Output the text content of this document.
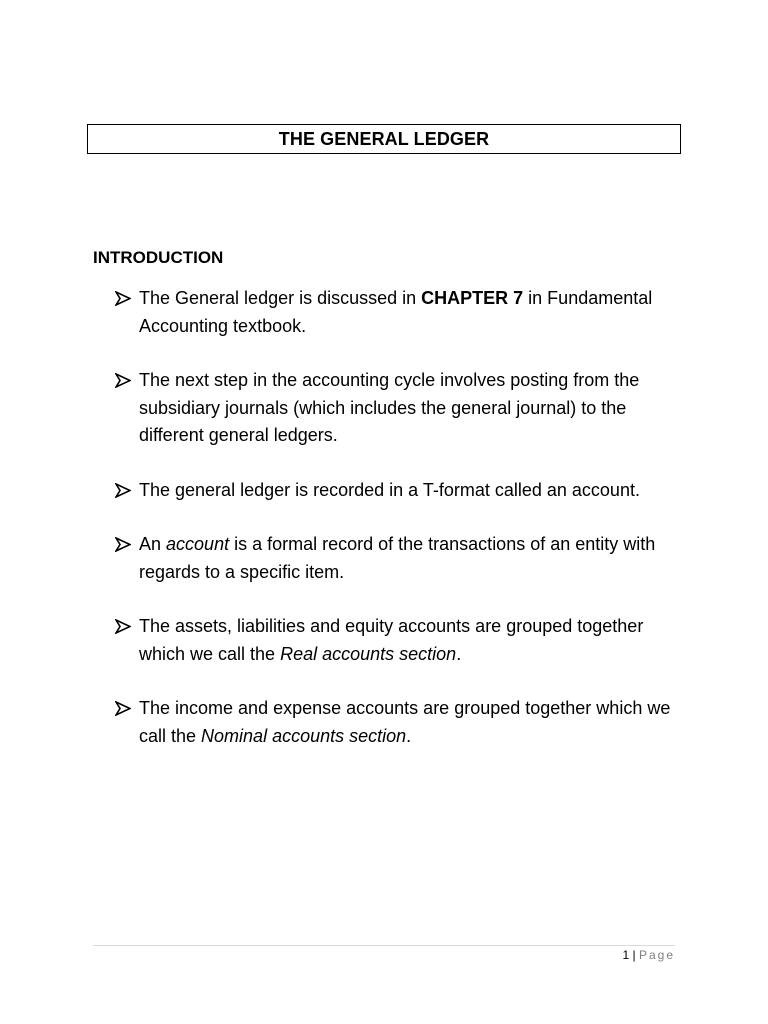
THE GENERAL LEDGER
INTRODUCTION
The General ledger is discussed in CHAPTER 7 in Fundamental Accounting textbook.
The next step in the accounting cycle involves posting from the subsidiary journals (which includes the general journal) to the different general ledgers.
The general ledger is recorded in a T-format called an account.
An account is a formal record of the transactions of an entity with regards to a specific item.
The assets, liabilities and equity accounts are grouped together which we call the Real accounts section.
The income and expense accounts are grouped together which we call the Nominal accounts section.
1 | Page
